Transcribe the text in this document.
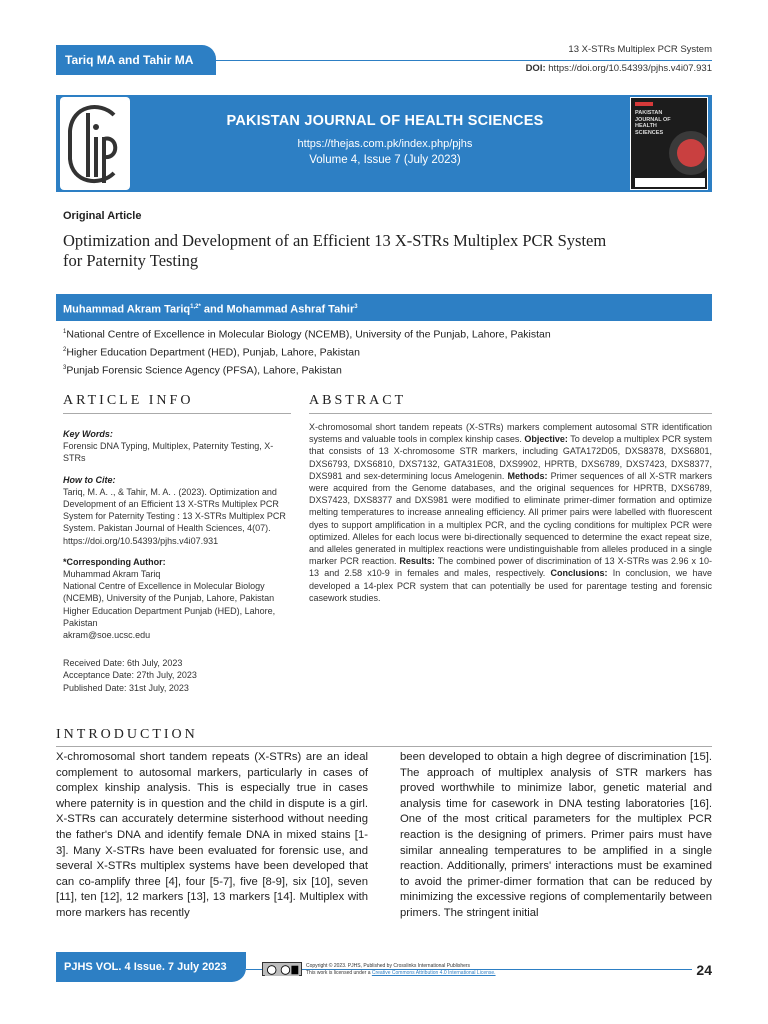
Tariq MA and Tahir MA
13 X-STRs Multiplex PCR System
DOI: https://doi.org/10.54393/pjhs.v4i07.931
PAKISTAN JOURNAL OF HEALTH SCIENCES
https://thejas.com.pk/index.php/pjhs
Volume 4, Issue 7 (July 2023)
PAKISTAN JOURNAL OF HEALTH SCIENCES
Original Article
Optimization and Development of an Efficient 13 X-STRs Multiplex PCR System
for Paternity Testing
Muhammad Akram Tariq$^{1,2*}$ and Mohammad Ashraf Tahir$^3$
$^1$National Centre of Excellence in Molecular Biology (NCEMB), University of the Punjab, Lahore, Pakistan
$^2$Higher Education Department (HED), Punjab, Lahore, Pakistan
$^3$Punjab Forensic Science Agency (PFSA), Lahore, Pakistan
ARTICLE INFO	ABSTRACT
Key Words:
Forensic DNA Typing, Multiplex, Paternity Testing, X-STRs
How to Cite:
Tariq, M. A. ., & Tahir, M. A. . (2023). Optimization and Development of an Efficient 13 X-STRs Multiplex PCR System for Paternity Testing : 13 X-STRs Multiplex PCR System. Pakistan Journal of Health Sciences, 4(07). https://doi.org/10.54393/pjhs.v4i07.931
*Corresponding Author:
Muhammad Akram Tariq
National Centre of Excellence in Molecular Biology (NCEMB), University of the Punjab, Lahore, Pakistan
Higher Education Department Punjab (HED), Lahore, Pakistan
akram@soe.ucsc.edu
Received Date: 6th July, 2023
Acceptance Date: 27th July, 2023
Published Date: 31st July, 2023
X-chromosomal short tandem repeats (X-STRs) markers complement autosomal STR identification systems and valuable tools in complex kinship cases. Objective: To develop a multiplex PCR system that consists of 13 X-chromosome STR markers, including GATA172D05, DXS8378, DXS6801, DXS6793, DXS6810, DXS7132, GATA31E08, DXS9902, HPRTB, DXS6789, DXS7423, DXS8377, DXS981 and sex-determining locus Amelogenin. Methods: Primer sequences of all X-STR markers were acquired from the Genome databases, and the original sequences for HPRTB, DXS6789, DXS7423, DXS8377 and DXS981 were modified to eliminate primer-dimer formation and optimize melting temperatures to increase annealing efficiency. All primer pairs were labelled with fluorescent dyes to support amplification in a multiplex PCR, and the cycling conditions for multiplex PCR were optimized. Alleles for each locus were bi-directionally sequenced to determine the exact repeat size, and alleles generated in multiplex reactions were undistinguishable from alleles produced in a single marker PCR reaction. Results: The combined power of discrimination of 13 X-STRs was 2.96 x 10-13 and 2.58 x10-9 in females and males, respectively. Conclusions: In conclusion, we have developed a 14-plex PCR system that can potentially be used for parentage testing and forensic casework studies.
INTRODUCTION
X-chromosomal short tandem repeats (X-STRs) are an ideal complement to autosomal markers, particularly in cases of complex kinship analysis. This is especially true in cases where paternity is in question and the child in dispute is a girl. X-STRs can accurately determine sisterhood without needing the father's DNA and identify female DNA in mixed stains [1-3]. Many X-STRs have been evaluated for forensic use, and several X-STRs multiplex systems have been developed that can co-amplify three [4], four [5-7], five [8-9], six [10], seven [11], ten [12], 12 markers [13], 13 markers [14]. Multiplex with more markers has recently
been developed to obtain a high degree of discrimination [15]. The approach of multiplex analysis of STR markers has proved worthwhile to minimize labor, genetic material and analysis time for casework in DNA testing laboratories [16]. One of the most critical parameters for the multiplex PCR reaction is the designing of primers. Primer pairs must have similar annealing temperatures to be amplified in a single reaction. Additionally, primers' interactions must be examined to avoid the primer-dimer formation that can be reduced by minimizing the excessive regions of complementarily between primers. The stringent initial
PJHS VOL. 4 Issue. 7 July 2023	Copyright © 2023. PJHS, Published by Crosslinks International Publishers
This work is licensed under a Creative Commons Attribution 4.0 International License.	24
